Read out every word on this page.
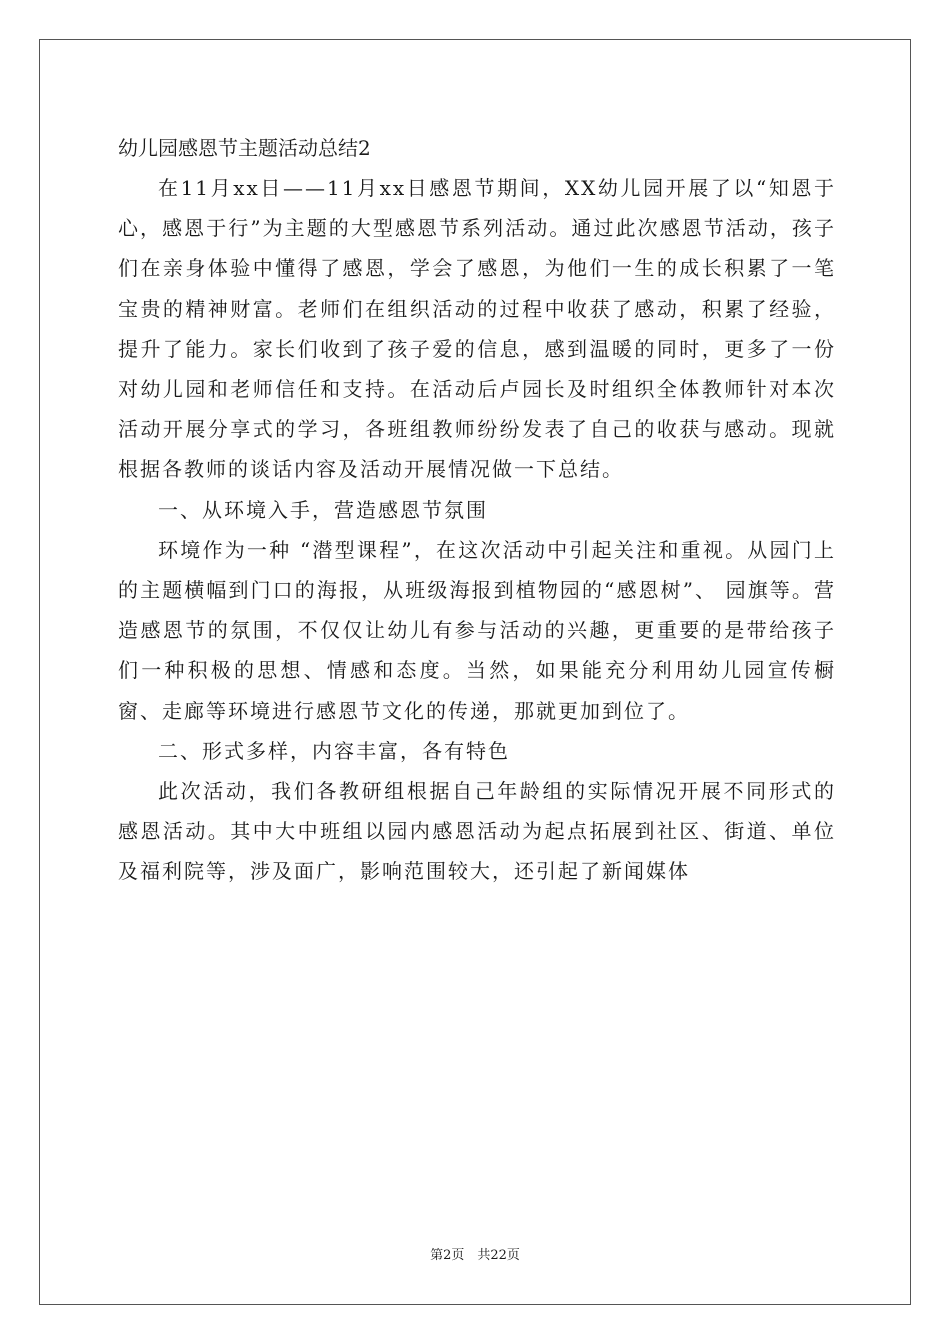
幼儿园感恩节主题活动总结2

在11月xx日——11月xx日感恩节期间，XX幼儿园开展了以“知恩于心，感恩于行”为主题的大型感恩节系列活动。通过此次感恩节活动，孩子们在亲身体验中懂得了感恩，学会了感恩，为他们一生的成长积累了一笔宝贵的精神财富。老师们在组织活动的过程中收获了感动，积累了经验，提升了能力。家长们收到了孩子爱的信息，感到温暖的同时，更多了一份对幼儿园和老师信任和支持。在活动后卢园长及时组织全体教师针对本次活动开展分享式的学习，各班组教师纷纷发表了自己的收获与感动。现就根据各教师的谈话内容及活动开展情况做一下总结。

一、从环境入手，营造感恩节氛围

环境作为一种 “潜型课程”，在这次活动中引起关注和重视。从园门上的主题横幅到门口的海报，从班级海报到植物园的“感恩树”、 园旗等。营造感恩节的氛围，不仅仅让幼儿有参与活动的兴趣，更重要的是带给孩子们一种积极的思想、情感和态度。当然，如果能充分利用幼儿园宣传橱窗、走廊等环境进行感恩节文化的传递，那就更加到位了。

二、形式多样，内容丰富，各有特色

此次活动，我们各教研组根据自己年龄组的实际情况开展不同形式的感恩活动。其中大中班组以园内感恩活动为起点拓展到社区、街道、单位及福利院等，涉及面广，影响范围较大，还引起了新闻媒体

第2页　共22页
